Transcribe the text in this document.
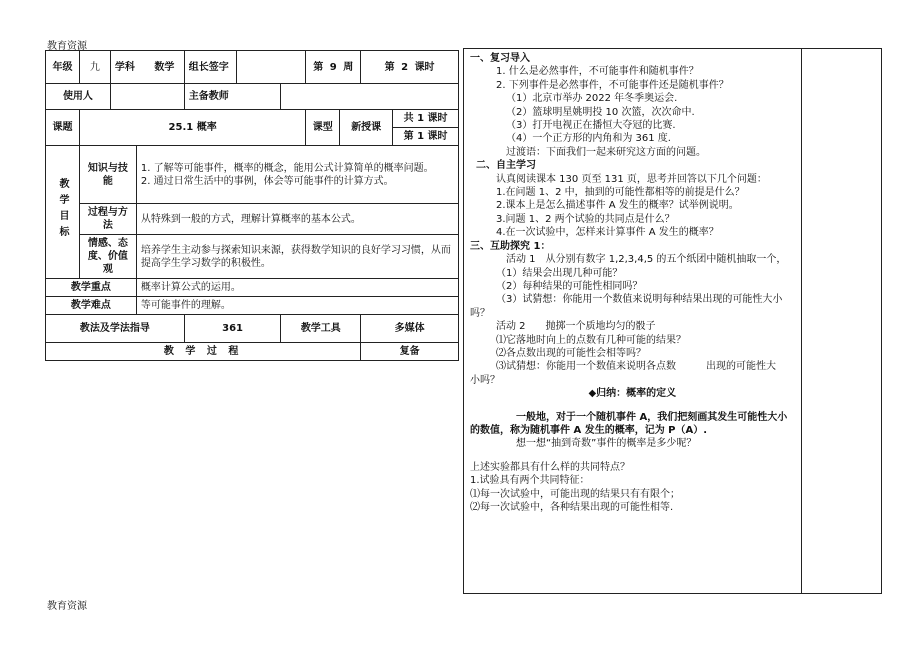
教育资源
教育资源
年级	九	学科 数学		组长签字			第 9 周		第 2 课时	
使用人				主备教师						
课题	25.1 概率						课型	新授课		共 1 课时
										第 1 课时
教学目标	知识与技能		1. 了解等可能事件，概率的概念，能用公式计算简单的概率问题。
2. 通过日常生活中的事例，体会等可能事件的计算方式。							

	过程与方法		从特殊到一般的方式，理解计算概率的基本公式。							
	情感、态度、价值观		培养学生主动参与探索知识来源，获得数学知识的良好学习习惯，从而提高学生学习数学的积极性。							
教学重点			概率计算公式的运用。							
教学难点			等可能事件的理解。							
教法及学法指导				361		教学工具			多媒体	
教 学 过 程									复备	
一、复习导入
1. 什么是必然事件，不可能事件和随机事件？
2. 下列事件是必然事件，不可能事件还是随机事件？
（1）北京市举办 2022 年冬季奥运会.
（2）篮球明星姚明投 10 次篮，次次命中.
（3）打开电视正在播恒大夺冠的比赛.
（4）一个正方形的内角和为 361 度.
过渡语：下面我们一起来研究这方面的问题。
二、自主学习
认真阅读课本 130 页至 131 页，思考并回答以下几个问题：
1.在问题 1、2 中，抽到的可能性都相等的前提是什么？
2.课本上是怎么描述事件 A 发生的概率？试举例说明。
3.问题 1、2 两个试验的共同点是什么？
4.在一次试验中，怎样来计算事件 A 发生的概率？
三、互助探究 1：
活动 1　从分别有数字 1,2,3,4,5 的五个纸团中随机抽取一个，
（1）结果会出现几种可能？
（2）每种结果的可能性相同吗？
（3）试猜想：你能用一个数值来说明每种结果出现的可能性大小
吗？
活动 2　　抛掷一个质地均匀的骰子
⑴它落地时向上的点数有几种可能的结果？
⑵各点数出现的可能性会相等吗？
⑶试猜想：你能用一个数值来说明各点数　　　出现的可能性大
小吗？
◆归纳：概率的定义
一般地，对于一个随机事件 A，我们把刻画其发生可能性大小
的数值，称为随机事件 A 发生的概率，记为 P（A）.
想一想“抽到奇数”事件的概率是多少呢？
上述实验都具有什么样的共同特点？
1.试验具有两个共同特征：
⑴每一次试验中，可能出现的结果只有有限个；
⑵每一次试验中，各种结果出现的可能性相等.
